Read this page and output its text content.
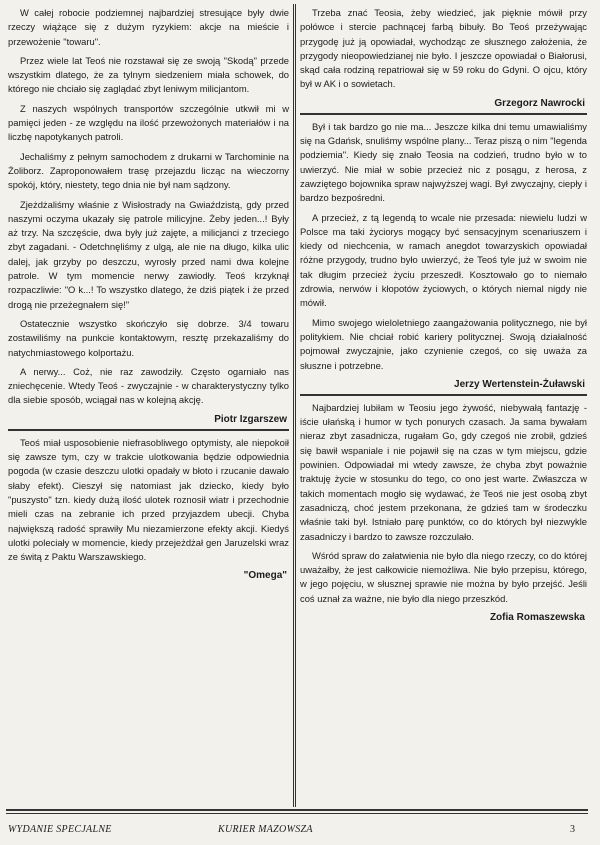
W całej robocie podziemnej najbardziej stresujące były dwie rzeczy wiążące się z dużym ryzykiem: akcje na mieście i przewożenie "towaru".

Przez wiele lat Teoś nie rozstawał się ze swoją "Skodą" przede wszystkim dlatego, że za tylnym siedzeniem miała schowek, do którego nie chciało się zaglądać zbyt leniwym milicjantom.

Z naszych wspólnych transportów szczególnie utkwił mi w pamięci jeden - ze względu na ilość przewożonych materiałów i na liczbę napotykanych patroli.

Jechaliśmy z pełnym samochodem z drukarni w Tarchominie na Żoliborz. Zaproponowałem trasę przejazdu licząc na wieczorny spokój, który, niestety, tego dnia nie był nam sądzony.

Zjeżdżaliśmy właśnie z Wisłostrady na Gwiaździstą, gdy przed naszymi oczyma ukazały się patrole milicyjne. Żeby jeden...! Były aż trzy. Na szczęście, dwa były już zajęte, a milicjanci z trzeciego zbyt zagadani. - Odetchnęliśmy z ulgą, ale nie na długo, kilka ulic dalej, jak grzyby po deszczu, wyrosły przed nami dwa kolejne patrole. W tym momencie nerwy zawiodły. Teoś krzyknął rozpaczliwie: "O k...! To wszystko dlatego, że dziś piątek i że przed drogą nie przeżegnałem się!"

Ostatecznie wszystko skończyło się dobrze. 3/4 towaru zostawiliśmy na punkcie kontaktowym, resztę przekazaliśmy do natychmiastowego kolportażu.

A nerwy... Coż, nie raz zawodziły. Często ogarniało nas zniechęcenie. Wtedy Teoś - zwyczajnie - w charakterystyczny tylko dla siebie sposób, wciągał nas w kolejną akcję.

Piotr Izgarszew

Teoś miał usposobienie niefrasobliwego optymisty, ale niepokoił się zawsze tym, czy w trakcie ulotkowania będzie odpowiednia pogoda (w czasie deszczu ulotki opadały w błoto i rzucanie dawało słaby efekt). Cieszył się natomiast jak dziecko, kiedy było "puszysto" tzn. kiedy dużą ilość ulotek roznosił wiatr i przechodnie mieli czas na zebranie ich przed przyjazdem ubecji. Chyba największą radość sprawiły Mu niezamierzone efekty akcji. Kiedyś ulotki poleciały w momencie, kiedy przejeżdżał gen Jaruzelski wraz ze świtą z Paktu Warszawskiego.

"Omega"

Trzeba znać Teosia, żeby wiedzieć, jak pięknie mówił przy połówce i stercie pachnącej farbą bibuły. Bo Teoś przeżywając przygodę już ją opowiadał, wychodząc ze słusznego założenia, że przygody nieopowiedzianej nie było. I jeszcze opowiadał o Białorusi, skąd cała rodziną repatriował się w 59 roku do Gdyni. O ojcu, który był w AK i o sowietach.

Grzegorz Nawrocki

Był i tak bardzo go nie ma... Jeszcze kilka dni temu umawialiśmy się na Gdańsk, snuliśmy wspólne plany... Teraz piszą o nim "legenda podziemia". Kiedy się znało Teosia na codzień, trudno było w to uwierzyć. Nie miał w sobie przecież nic z posągu, z herosa, z zawziętego bojownika spraw najwyższej wagi. Był zwyczajny, ciepły i bardzo bezpośredni.

A przecież, z tą legendą to wcale nie przesada: niewielu ludzi w Polsce ma taki życiorys mogący być sensacyjnym scenariuszem i kiedy od niechcenia, w ramach anegdot towarzyskich opowiadał różne przygody, trudno było uwierzyć, że Teoś tyle już w swoim nie tak długim przecież życiu przeszedł. Kosztowało go to niemało zdrowia, nerwów i kłopotów życiowych, o których niemal nigdy nie mówił.

Mimo swojego wieloletniego zaangażowania politycznego, nie był politykiem. Nie chciał robić kariery politycznej. Swoją działalność pojmował zwyczajnie, jako czynienie czegoś, co się uważa za słuszne i potrzebne.

Jerzy Wertenstein-Żuławski

Najbardziej lubiłam w Teosiu jego żywość, niebywałą fantazję - iście ułańską i humor w tych ponurych czasach. Ja sama bywałam nieraz zbyt zasadnicza, rugałam Go, gdy czegoś nie zrobił, gdzieś się bawił wspaniale i nie pojawił się na czas w tym miejscu, gdzie powinien. Odpowiadał mi wtedy zawsze, że chyba zbyt poważnie traktuję życie w stosunku do tego, co ono jest warte. Zwłaszcza w takich momentach mogło się wydawać, że Teoś nie jest osobą zbyt zasadniczą, choć jestem przekonana, że gdzieś tam w środeczku właśnie taki był. Istniało parę punktów, co do których był niezwykle zasadniczy i bardzo to zawsze rozczulało.

Wśród spraw do załatwienia nie było dla niego rzeczy, co do której uważałby, że jest całkowicie niemożliwa. Nie było przepisu, którego, w jego pojęciu, w słusznej sprawie nie można by było przejść. Jeśli coś uznał za ważne, nie było dla niego przeszkód.

Zofia Romaszewska
WYDANIE SPECJALNE	KURIER MAZOWSZA	3
